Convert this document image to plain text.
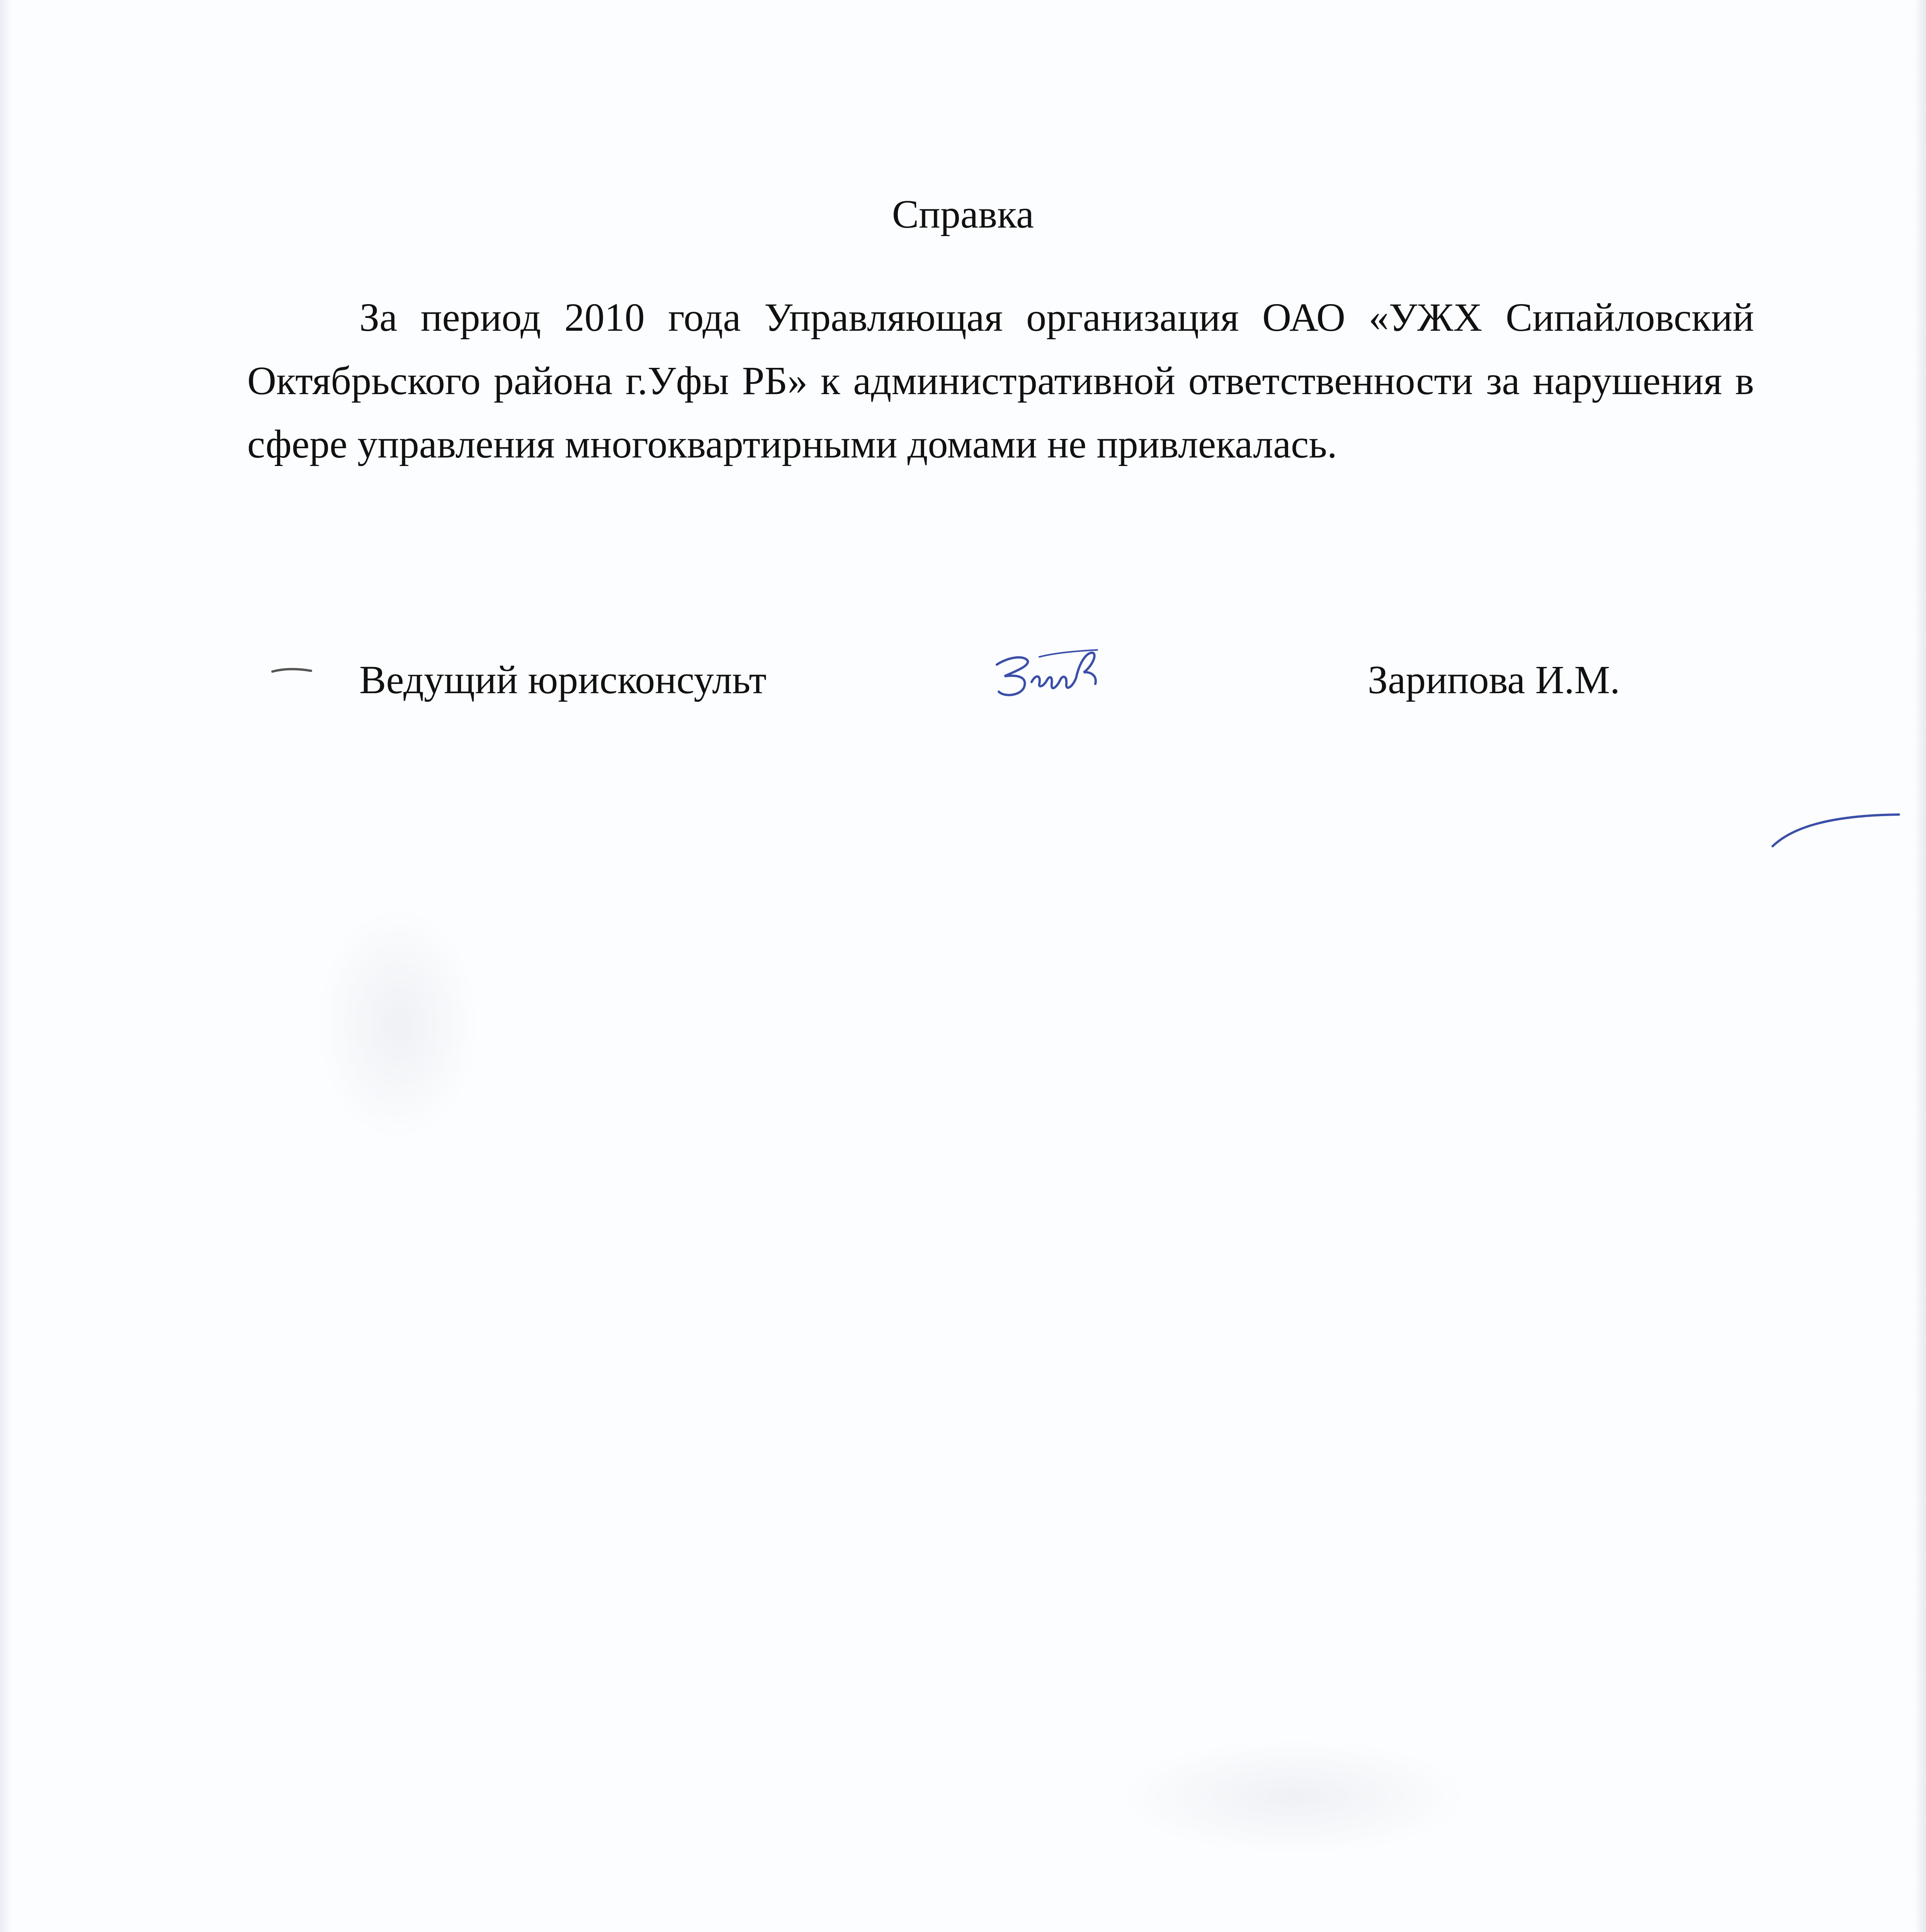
Справка

За период 2010 года Управляющая организация ОАО «УЖХ Сипайловский Октябрьского района г.Уфы РБ» к административной ответственности за нарушения в сфере управления многоквартирными домами не привлекалась.

Ведущий юрисконсульт	Зарипова И.М.
